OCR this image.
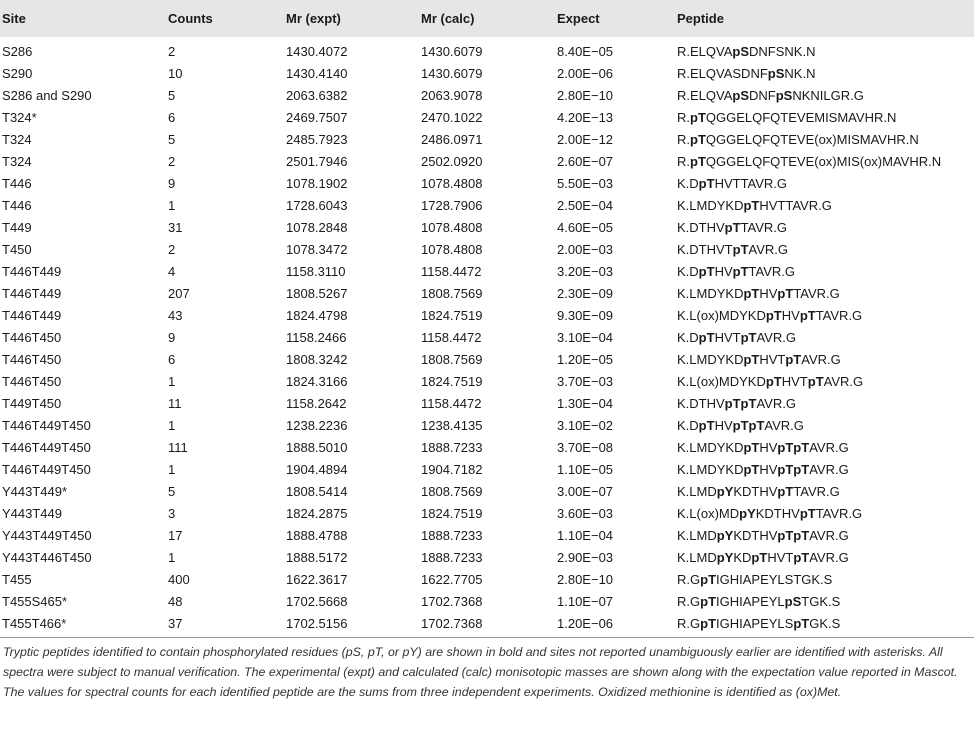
Site	Counts	Mr (expt)	Mr (calc)	Expect	Peptide
S286	2	1430.4072	1430.6079	8.40E−05	R.ELQVApSDNFSNK.N
S290	10	1430.4140	1430.6079	2.00E−06	R.ELQVASDNFpSNK.N
S286 and S290	5	2063.6382	2063.9078	2.80E−10	R.ELQVApSDNFpSNKNILGR.G
T324*	6	2469.7507	2470.1022	4.20E−13	R.pTQGGELQFQTEVEMISMAVHR.N
T324	5	2485.7923	2486.0971	2.00E−12	R.pTQGGELQFQTEVE(ox)MISMAVHR.N
T324	2	2501.7946	2502.0920	2.60E−07	R.pTQGGELQFQTEVE(ox)MIS(ox)MAVHR.N
T446	9	1078.1902	1078.4808	5.50E−03	K.DpTHVTTAVR.G
T446	1	1728.6043	1728.7906	2.50E−04	K.LMDYKDpTHVTTAVR.G
T449	31	1078.2848	1078.4808	4.60E−05	K.DTHVpTTAVR.G
T450	2	1078.3472	1078.4808	2.00E−03	K.DTHVTpTAVR.G
T446T449	4	1158.3110	1158.4472	3.20E−03	K.DpTHVpTTAVR.G
T446T449	207	1808.5267	1808.7569	2.30E−09	K.LMDYKDpTHVpTTAVR.G
T446T449	43	1824.4798	1824.7519	9.30E−09	K.L(ox)MDYKDpTHVpTTAVR.G
T446T450	9	1158.2466	1158.4472	3.10E−04	K.DpTHVTpTAVR.G
T446T450	6	1808.3242	1808.7569	1.20E−05	K.LMDYKDpTHVTpTAVR.G
T446T450	1	1824.3166	1824.7519	3.70E−03	K.L(ox)MDYKDpTHVTpTAVR.G
T449T450	11	1158.2642	1158.4472	1.30E−04	K.DTHVpTpTAVR.G
T446T449T450	1	1238.2236	1238.4135	3.10E−02	K.DpTHVpTpTAVR.G
T446T449T450	111	1888.5010	1888.7233	3.70E−08	K.LMDYKDpTHVpTpTAVR.G
T446T449T450	1	1904.4894	1904.7182	1.10E−05	K.LMDYKDpTHVpTpTAVR.G
Y443T449*	5	1808.5414	1808.7569	3.00E−07	K.LMDpYKDTHVpTTAVR.G
Y443T449	3	1824.2875	1824.7519	3.60E−03	K.L(ox)MDpYKDTHVpTTAVR.G
Y443T449T450	17	1888.4788	1888.7233	1.10E−04	K.LMDpYKDTHVpTpTAVR.G
Y443T446T450	1	1888.5172	1888.7233	2.90E−03	K.LMDpYKDpTHVTpTAVR.G
T455	400	1622.3617	1622.7705	2.80E−10	R.GpTIGHIAPEYLSTGK.S
T455S465*	48	1702.5668	1702.7368	1.10E−07	R.GpTIGHIAPEYLpSTGK.S
T455T466*	37	1702.5156	1702.7368	1.20E−06	R.GpTIGHIAPEYLSpTGK.S
Tryptic peptides identified to contain phosphorylated residues (pS, pT, or pY) are shown in bold and sites not reported unambiguously earlier are identified with asterisks. All spectra were subject to manual verification. The experimental (expt) and calculated (calc) monisotopic masses are shown along with the expectation value reported in Mascot. The values for spectral counts for each identified peptide are the sums from three independent experiments. Oxidized methionine is identified as (ox)Met.
